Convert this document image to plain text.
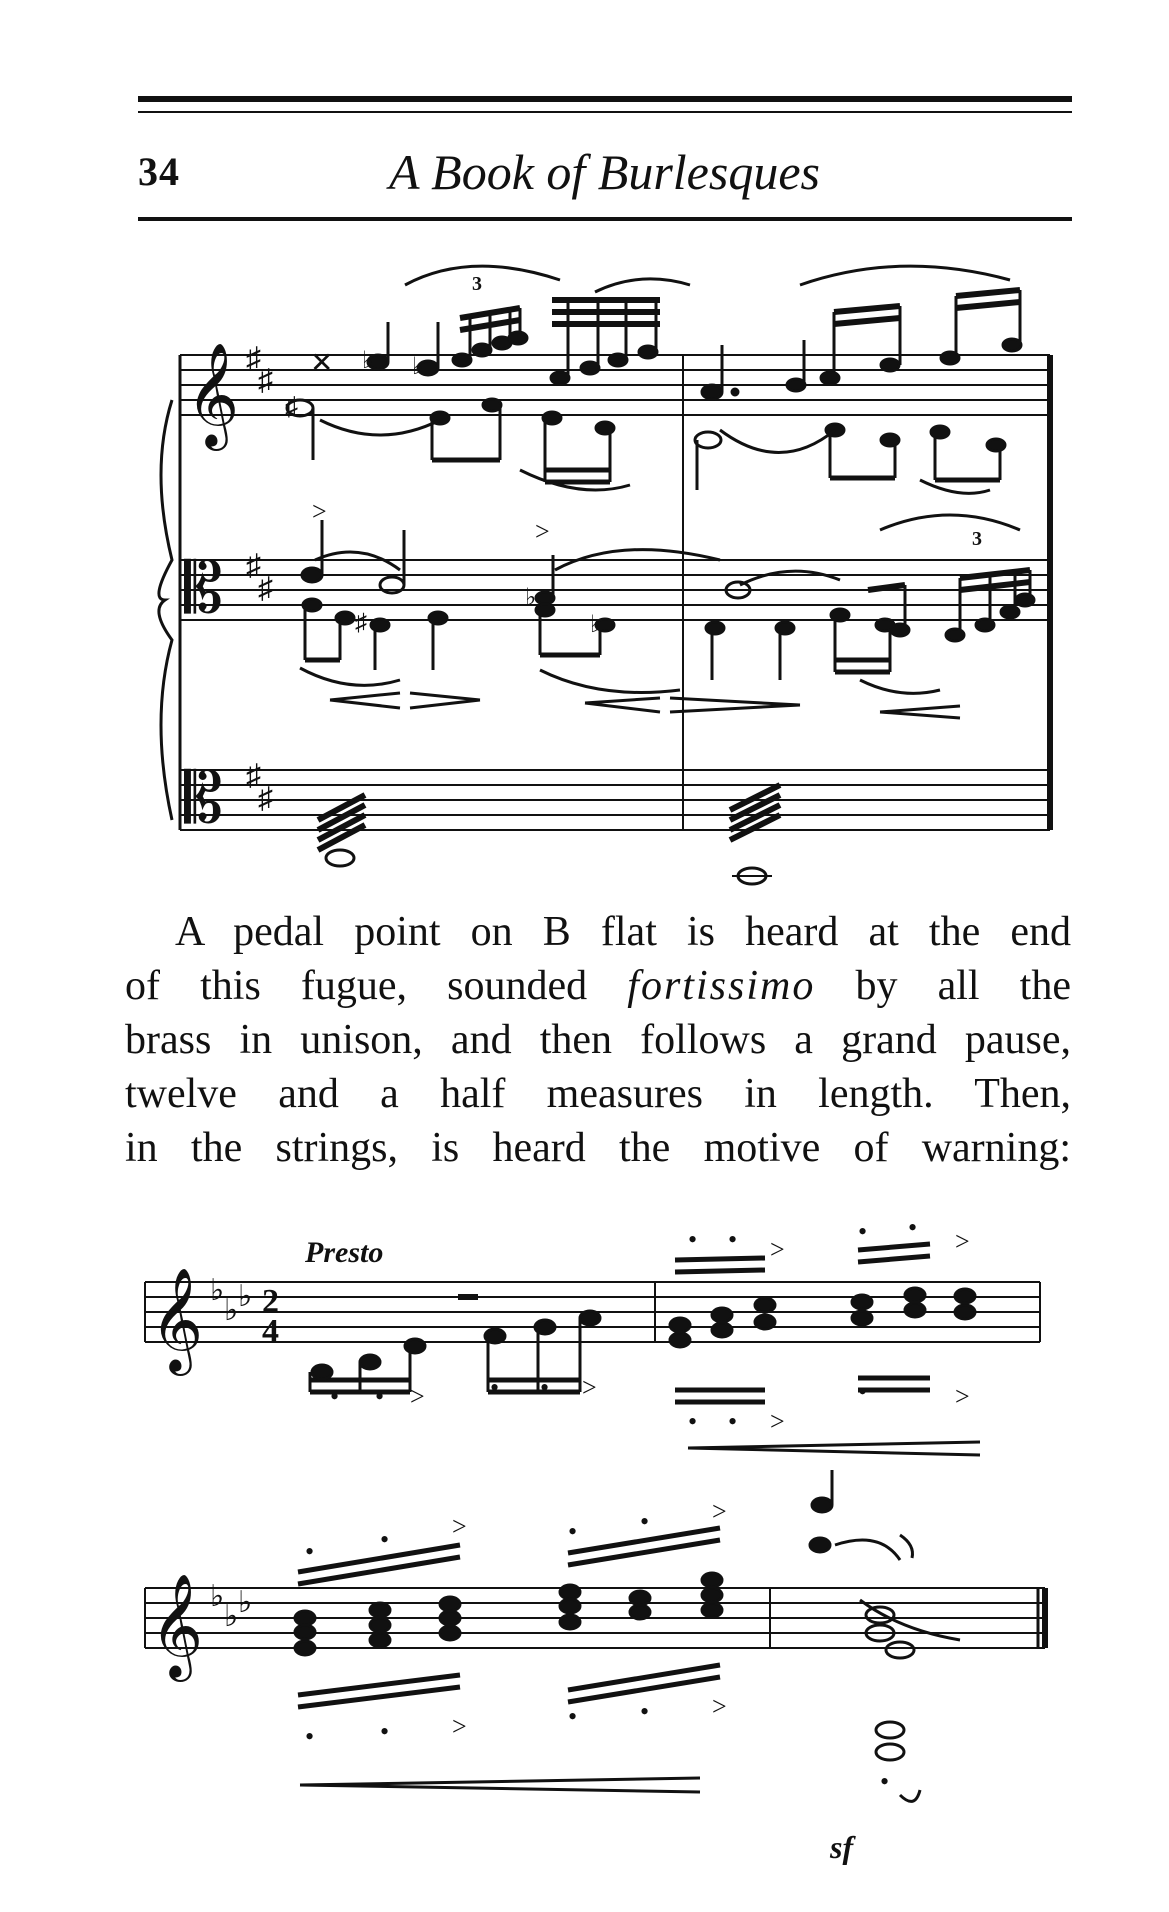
34	A Book of Burlesques
𝄞
𝄡
𝄡
♯
♯
♯
♯
♯
♯
✕
♯
♭ ♭
3
>
>
♯
♭
♭
3
A pedal point on B flat is heard at the end
of this fugue, sounded fortissimo by all the
brass in unison, and then follows a grand pause,
twelve and a half measures in length. Then,
in the strings, is heard the motive of warning:
Presto
𝄞
𝄞
♭
♭ ♭
♭
♭ ♭
2
4
sf
• • >	• • >
• • >
• • >
• • >
•	>
•	• >
•	• >
• • >
• • >
•
